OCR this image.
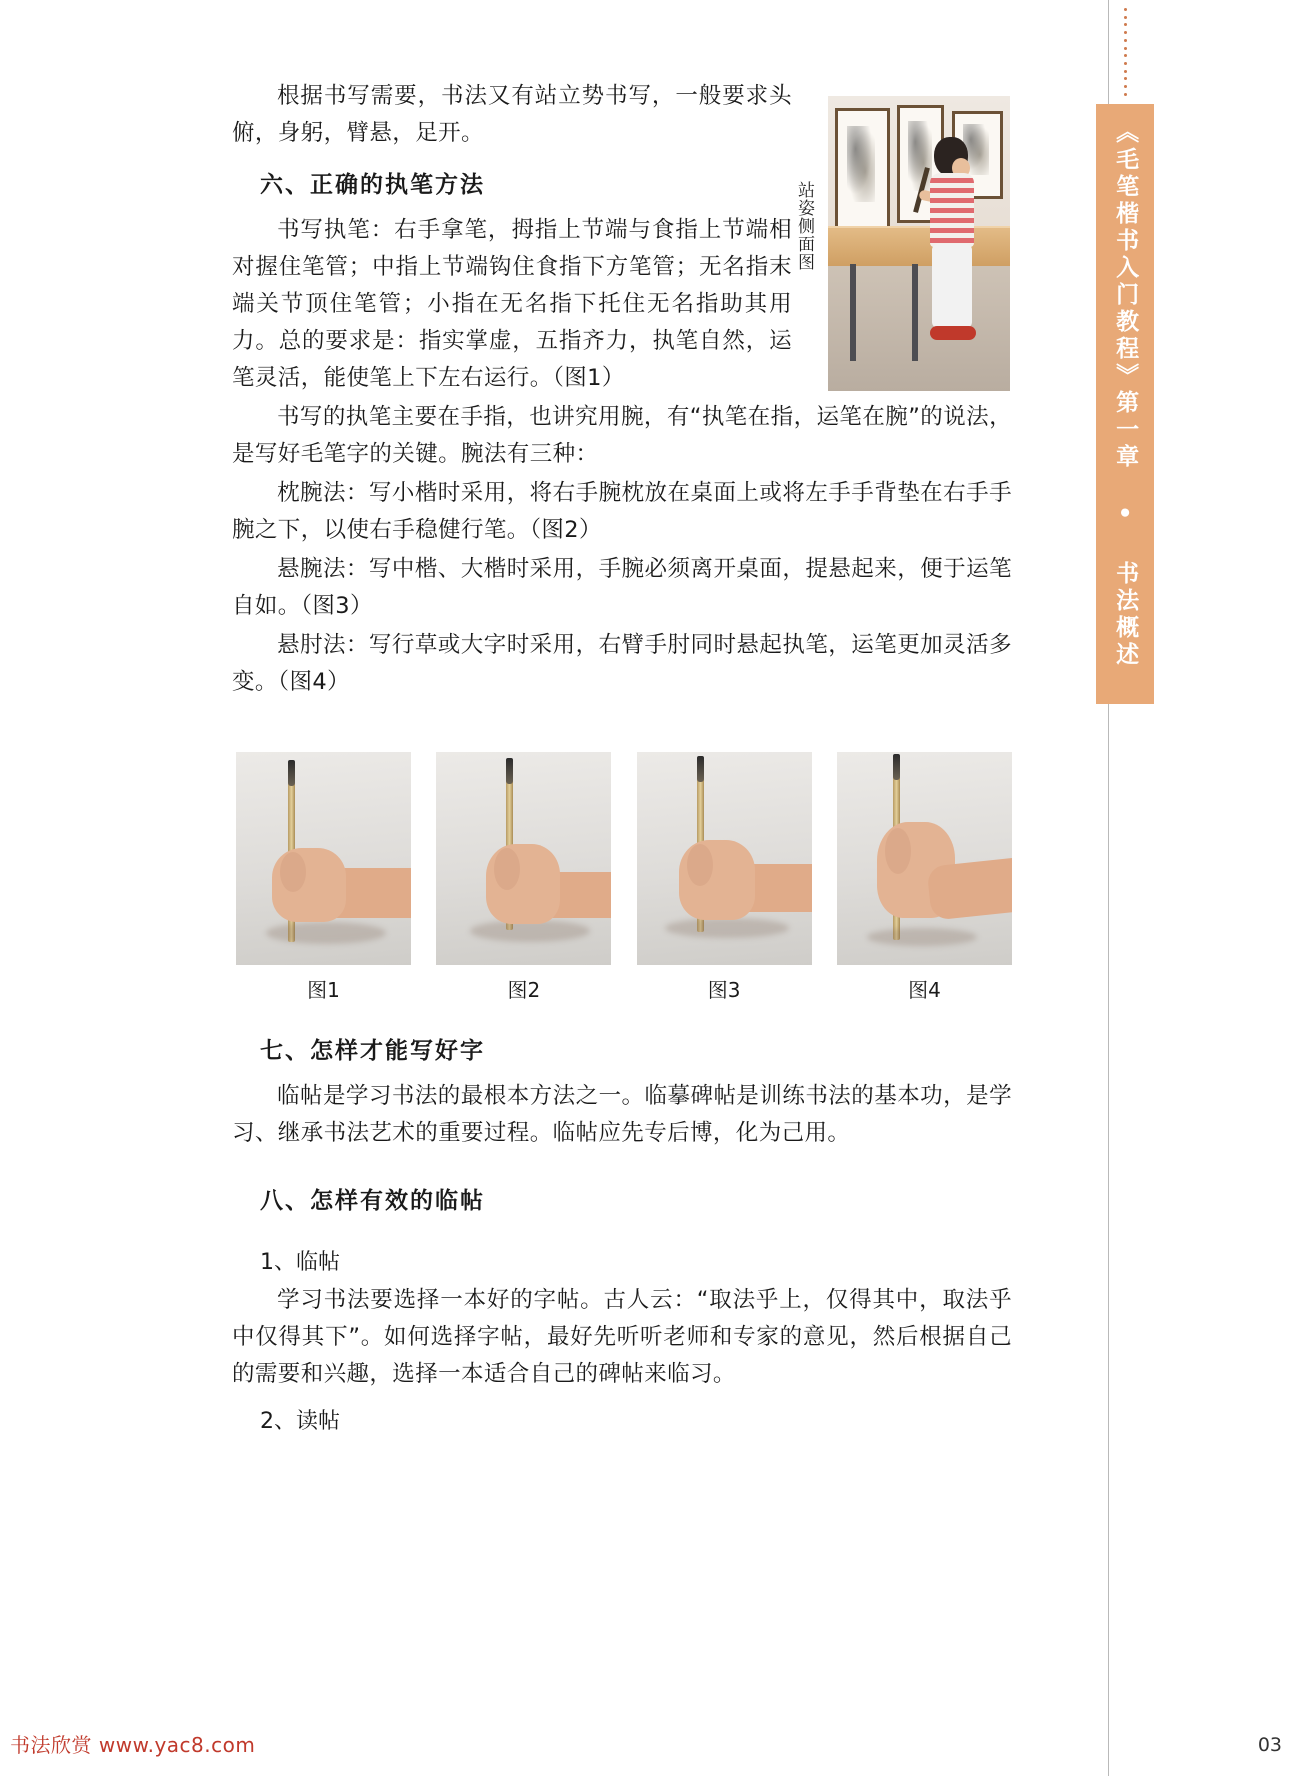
《毛笔楷书入门教程》第一章 • 书法概述
站姿侧面图

根据书写需要，书法又有站立势书写，一般要求头俯，身躬，臂悬，足开。

六、正确的执笔方法

书写执笔：右手拿笔，拇指上节端与食指上节端相对握住笔管；中指上节端钩住食指下方笔管；无名指末端关节顶住笔管；小指在无名指下托住无名指助其用力。总的要求是：指实掌虚，五指齐力，执笔自然，运笔灵活，能使笔上下左右运行。（图1）

书写的执笔主要在手指，也讲究用腕，有“执笔在指，运笔在腕”的说法，是写好毛笔字的关键。腕法有三种：

枕腕法：写小楷时采用，将右手腕枕放在桌面上或将左手手背垫在右手手腕之下，以使右手稳健行笔。（图2）

悬腕法：写中楷、大楷时采用，手腕必须离开桌面，提悬起来，便于运笔自如。（图3）

悬肘法：写行草或大字时采用，右臂手肘同时悬起执笔，运笔更加灵活多变。（图4）

图1	图2	图3	图4
七、怎样才能写好字

临帖是学习书法的最根本方法之一。临摹碑帖是训练书法的基本功，是学习、继承书法艺术的重要过程。临帖应先专后博，化为己用。

八、怎样有效的临帖
1、临帖

学习书法要选择一本好的字帖。古人云：“取法乎上，仅得其中，取法乎中仅得其下”。如何选择字帖，最好先听听老师和专家的意见，然后根据自己的需要和兴趣，选择一本适合自己的碑帖来临习。

2、读帖
书法欣赏 www.yac8.com	03
